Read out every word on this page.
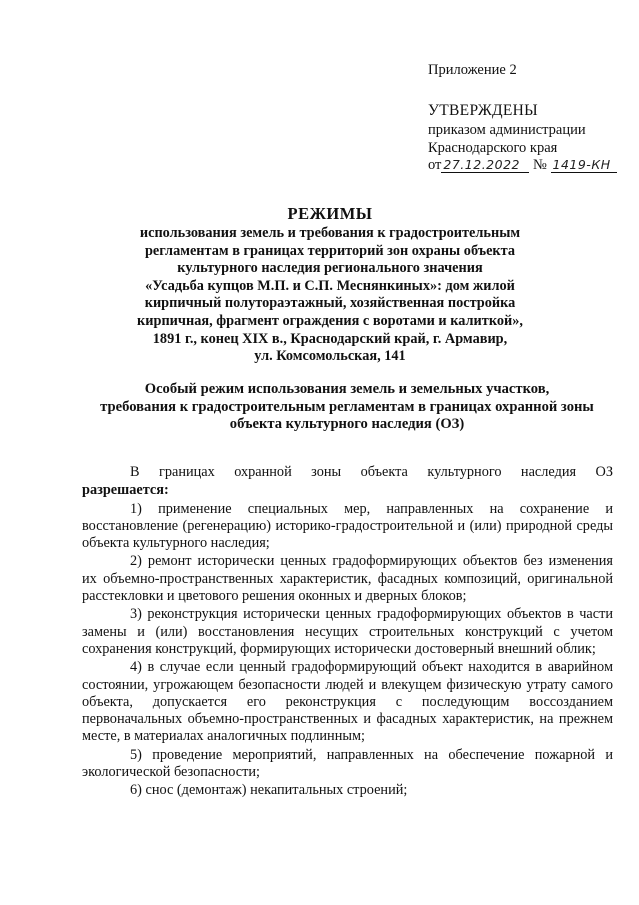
Приложение 2
УТВЕРЖДЕНЫ
приказом администрации
Краснодарского края
от 27.12.2022 № 1419-КН
РЕЖИМЫ
использования земель и требования к градостроительным
регламентам в границах территорий зон охраны объекта
культурного наследия регионального значения
«Усадьба купцов М.П. и С.П. Меснянкиных»: дом жилой
кирпичный полутораэтажный, хозяйственная постройка
кирпичная, фрагмент ограждения с воротами и калиткой»,
1891 г., конец XIX в., Краснодарский край, г. Армавир,
ул. Комсомольская, 141
Особый режим использования земель и земельных участков,
требования к градостроительным регламентам в границах охранной зоны
объекта культурного наследия (ОЗ)

В границах охранной зоны объекта культурного наследия ОЗ

разрешается:

1) применение специальных мер, направленных на сохранение и восстановление (регенерацию) историко-градостроительной и (или) природной среды объекта культурного наследия;

2) ремонт исторически ценных градоформирующих объектов без изменения их объемно-пространственных характеристик, фасадных композиций, оригинальной расстекловки и цветового решения оконных и дверных блоков;

3) реконструкция исторически ценных градоформирующих объектов в части замены и (или) восстановления несущих строительных конструкций с учетом сохранения конструкций, формирующих исторически достоверный внешний облик;

4) в случае если ценный градоформирующий объект находится в аварийном состоянии, угрожающем безопасности людей и влекущем физическую утрату самого объекта, допускается его реконструкция с последующим воссозданием первоначальных объемно-пространственных и фасадных характеристик, на прежнем месте, в материалах аналогичных подлинным;

5) проведение мероприятий, направленных на обеспечение пожарной и экологической безопасности;

6) снос (демонтаж) некапитальных строений;
